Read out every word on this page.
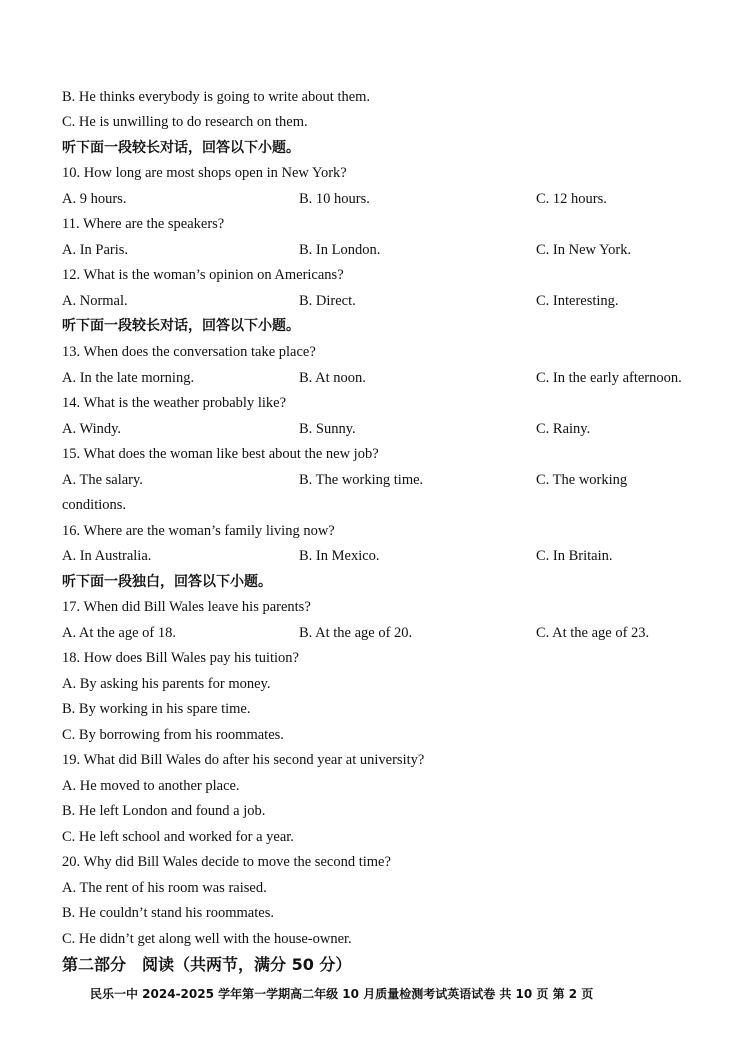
B. He thinks everybody is going to write about them.
C. He is unwilling to do research on them.
听下面一段较长对话，回答以下小题。
10. How long are most shops open in New York?
A. 9 hours.	B. 10 hours.	C. 12 hours.
11. Where are the speakers?
A. In Paris.	B. In London.	C. In New York.
12. What is the woman’s opinion on Americans?
A. Normal.	B. Direct.	C. Interesting.
听下面一段较长对话，回答以下小题。
13. When does the conversation take place?
A. In the late morning.	B. At noon.	C. In the early afternoon.
14. What is the weather probably like?
A. Windy.	B. Sunny.	C. Rainy.
15. What does the woman like best about the new job?
A. The salary.	B. The working time.	C. The working
conditions.
16. Where are the woman’s family living now?
A. In Australia.	B. In Mexico.	C. In Britain.
听下面一段独白，回答以下小题。
17. When did Bill Wales leave his parents?
A. At the age of 18.	B. At the age of 20.	C. At the age of 23.
18. How does Bill Wales pay his tuition?
A. By asking his parents for money.
B. By working in his spare time.
C. By borrowing from his roommates.
19. What did Bill Wales do after his second year at university?
A. He moved to another place.
B. He left London and found a job.
C. He left school and worked for a year.
20. Why did Bill Wales decide to move the second time?
A. The rent of his room was raised.
B. He couldn’t stand his roommates.
C. He didn’t get along well with the house-owner.
第二部分　阅读（共两节，满分 50 分）
民乐一中 2024-2025 学年第一学期高二年级 10 月质量检测考试英语试卷 共 10 页 第 2 页
